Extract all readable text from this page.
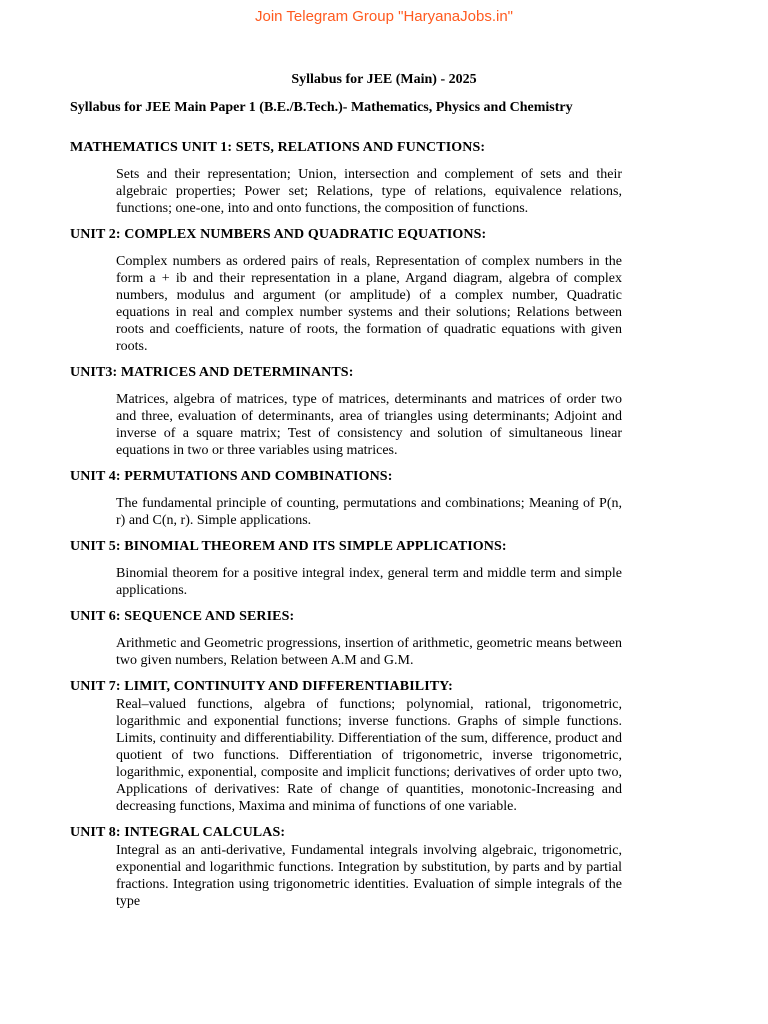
Join Telegram Group "HaryanaJobs.in"
Syllabus for JEE (Main) - 2025
Syllabus for JEE Main Paper 1 (B.E./B.Tech.)- Mathematics, Physics and Chemistry
MATHEMATICS UNIT 1: SETS, RELATIONS AND FUNCTIONS:
Sets and their representation; Union, intersection and complement of sets and their algebraic properties; Power set; Relations, type of relations, equivalence relations, functions; one-one, into and onto functions, the composition of functions.
UNIT 2: COMPLEX NUMBERS AND QUADRATIC EQUATIONS:
Complex numbers as ordered pairs of reals, Representation of complex numbers in the form a + ib and their representation in a plane, Argand diagram, algebra of complex numbers, modulus and argument (or amplitude) of a complex number, Quadratic equations in real and complex number systems and their solutions; Relations between roots and coefficients, nature of roots, the formation of quadratic equations with given roots.
UNIT3: MATRICES AND DETERMINANTS:
Matrices, algebra of matrices, type of matrices, determinants and matrices of order two and three, evaluation of determinants, area of triangles using determinants; Adjoint and inverse of a square matrix; Test of consistency and solution of simultaneous linear equations in two or three variables using matrices.
UNIT 4: PERMUTATIONS AND COMBINATIONS:
The fundamental principle of counting, permutations and combinations; Meaning of P(n, r) and C(n, r). Simple applications.
UNIT 5: BINOMIAL THEOREM AND ITS SIMPLE APPLICATIONS:
Binomial theorem for a positive integral index, general term and middle term and simple applications.
UNIT 6: SEQUENCE AND SERIES:
Arithmetic and Geometric progressions, insertion of arithmetic, geometric means between two given numbers, Relation between A.M and G.M.
UNIT 7: LIMIT, CONTINUITY AND DIFFERENTIABILITY:
Real–valued functions, algebra of functions; polynomial, rational, trigonometric, logarithmic and exponential functions; inverse functions. Graphs of simple functions. Limits, continuity and differentiability. Differentiation of the sum, difference, product and quotient of two functions. Differentiation of trigonometric, inverse trigonometric, logarithmic, exponential, composite and implicit functions; derivatives of order upto two, Applications of derivatives: Rate of change of quantities, monotonic-Increasing and decreasing functions, Maxima and minima of functions of one variable.
UNIT 8: INTEGRAL CALCULAS:
Integral as an anti-derivative, Fundamental integrals involving algebraic, trigonometric, exponential and logarithmic functions. Integration by substitution, by parts and by partial fractions. Integration using trigonometric identities. Evaluation of simple integrals of the type
